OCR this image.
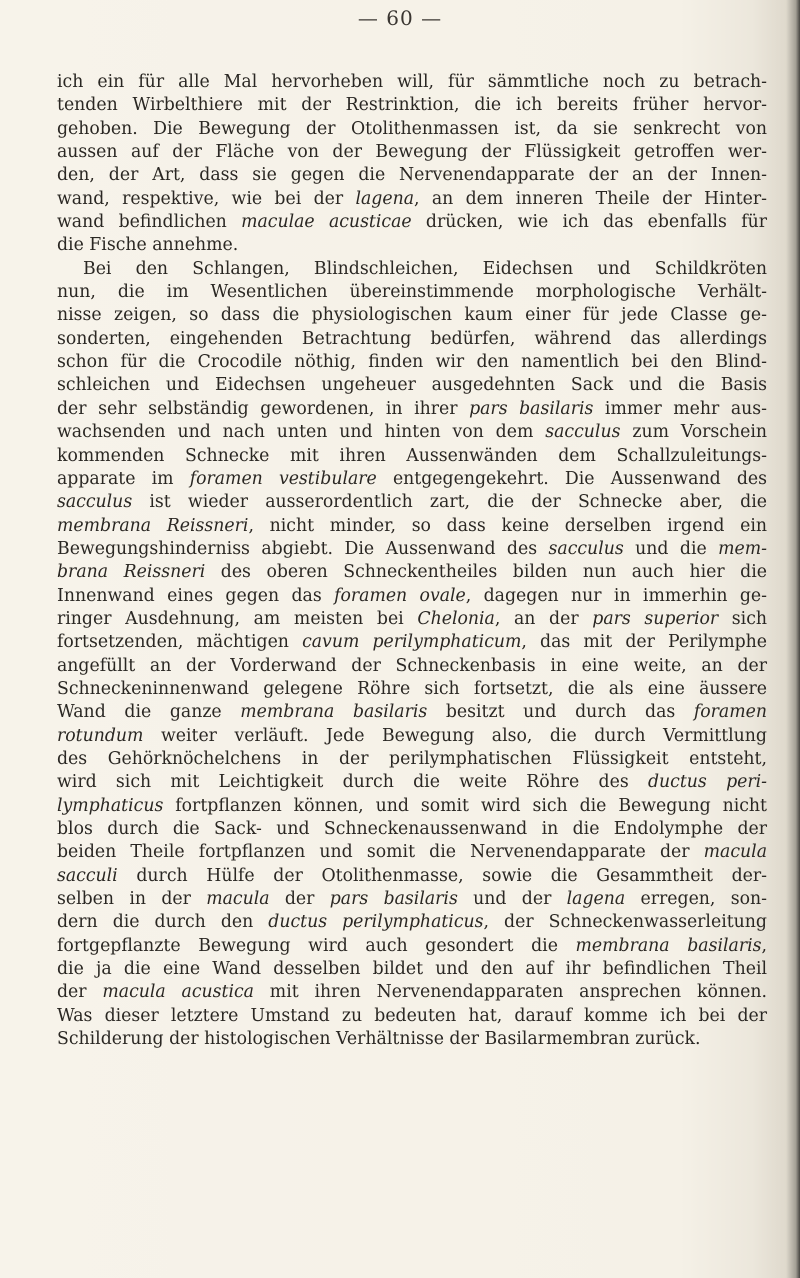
— 60 —
ich ein für alle Mal hervorheben will, für sämmtliche noch zu betrach-
tenden Wirbelthiere mit der Restrinktion, die ich bereits früher hervor-
gehoben. Die Bewegung der Otolithenmassen ist, da sie senkrecht von
aussen auf der Fläche von der Bewegung der Flüssigkeit getroffen wer-
den, der Art, dass sie gegen die Nervenendapparate der an der Innen-
wand, respektive, wie bei der lagena, an dem inneren Theile der Hinter-
wand befindlichen maculae acusticae drücken, wie ich das ebenfalls für
die Fische annehme.
Bei den Schlangen, Blindschleichen, Eidechsen und Schildkröten
nun, die im Wesentlichen übereinstimmende morphologische Verhält-
nisse zeigen, so dass die physiologischen kaum einer für jede Classe ge-
sonderten, eingehenden Betrachtung bedürfen, während das allerdings
schon für die Crocodile nöthig, finden wir den namentlich bei den Blind-
schleichen und Eidechsen ungeheuer ausgedehnten Sack und die Basis
der sehr selbständig gewordenen, in ihrer pars basilaris immer mehr aus-
wachsenden und nach unten und hinten von dem sacculus zum Vorschein
kommenden Schnecke mit ihren Aussenwänden dem Schallzuleitungs-
apparate im foramen vestibulare entgegengekehrt. Die Aussenwand des
sacculus ist wieder ausserordentlich zart, die der Schnecke aber, die
membrana Reissneri, nicht minder, so dass keine derselben irgend ein
Bewegungshinderniss abgiebt. Die Aussenwand des sacculus und die mem-
brana Reissneri des oberen Schneckentheiles bilden nun auch hier die
Innenwand eines gegen das foramen ovale, dagegen nur in immerhin ge-
ringer Ausdehnung, am meisten bei Chelonia, an der pars superior sich
fortsetzenden, mächtigen cavum perilymphaticum, das mit der Perilymphe
angefüllt an der Vorderwand der Schneckenbasis in eine weite, an der
Schneckeninnenwand gelegene Röhre sich fortsetzt, die als eine äussere
Wand die ganze membrana basilaris besitzt und durch das foramen
rotundum weiter verläuft. Jede Bewegung also, die durch Vermittlung
des Gehörknöchelchens in der perilymphatischen Flüssigkeit entsteht,
wird sich mit Leichtigkeit durch die weite Röhre des ductus peri-
lymphaticus fortpflanzen können, und somit wird sich die Bewegung nicht
blos durch die Sack- und Schneckenaussenwand in die Endolymphe der
beiden Theile fortpflanzen und somit die Nervenendapparate der macula
sacculi durch Hülfe der Otolithenmasse, sowie die Gesammtheit der-
selben in der macula der pars basilaris und der lagena erregen, son-
dern die durch den ductus perilymphaticus, der Schneckenwasserleitung
fortgepflanzte Bewegung wird auch gesondert die membrana basilaris,
die ja die eine Wand desselben bildet und den auf ihr befindlichen Theil
der macula acustica mit ihren Nervenendapparaten ansprechen können.
Was dieser letztere Umstand zu bedeuten hat, darauf komme ich bei der
Schilderung der histologischen Verhältnisse der Basilarmembran zurück.
